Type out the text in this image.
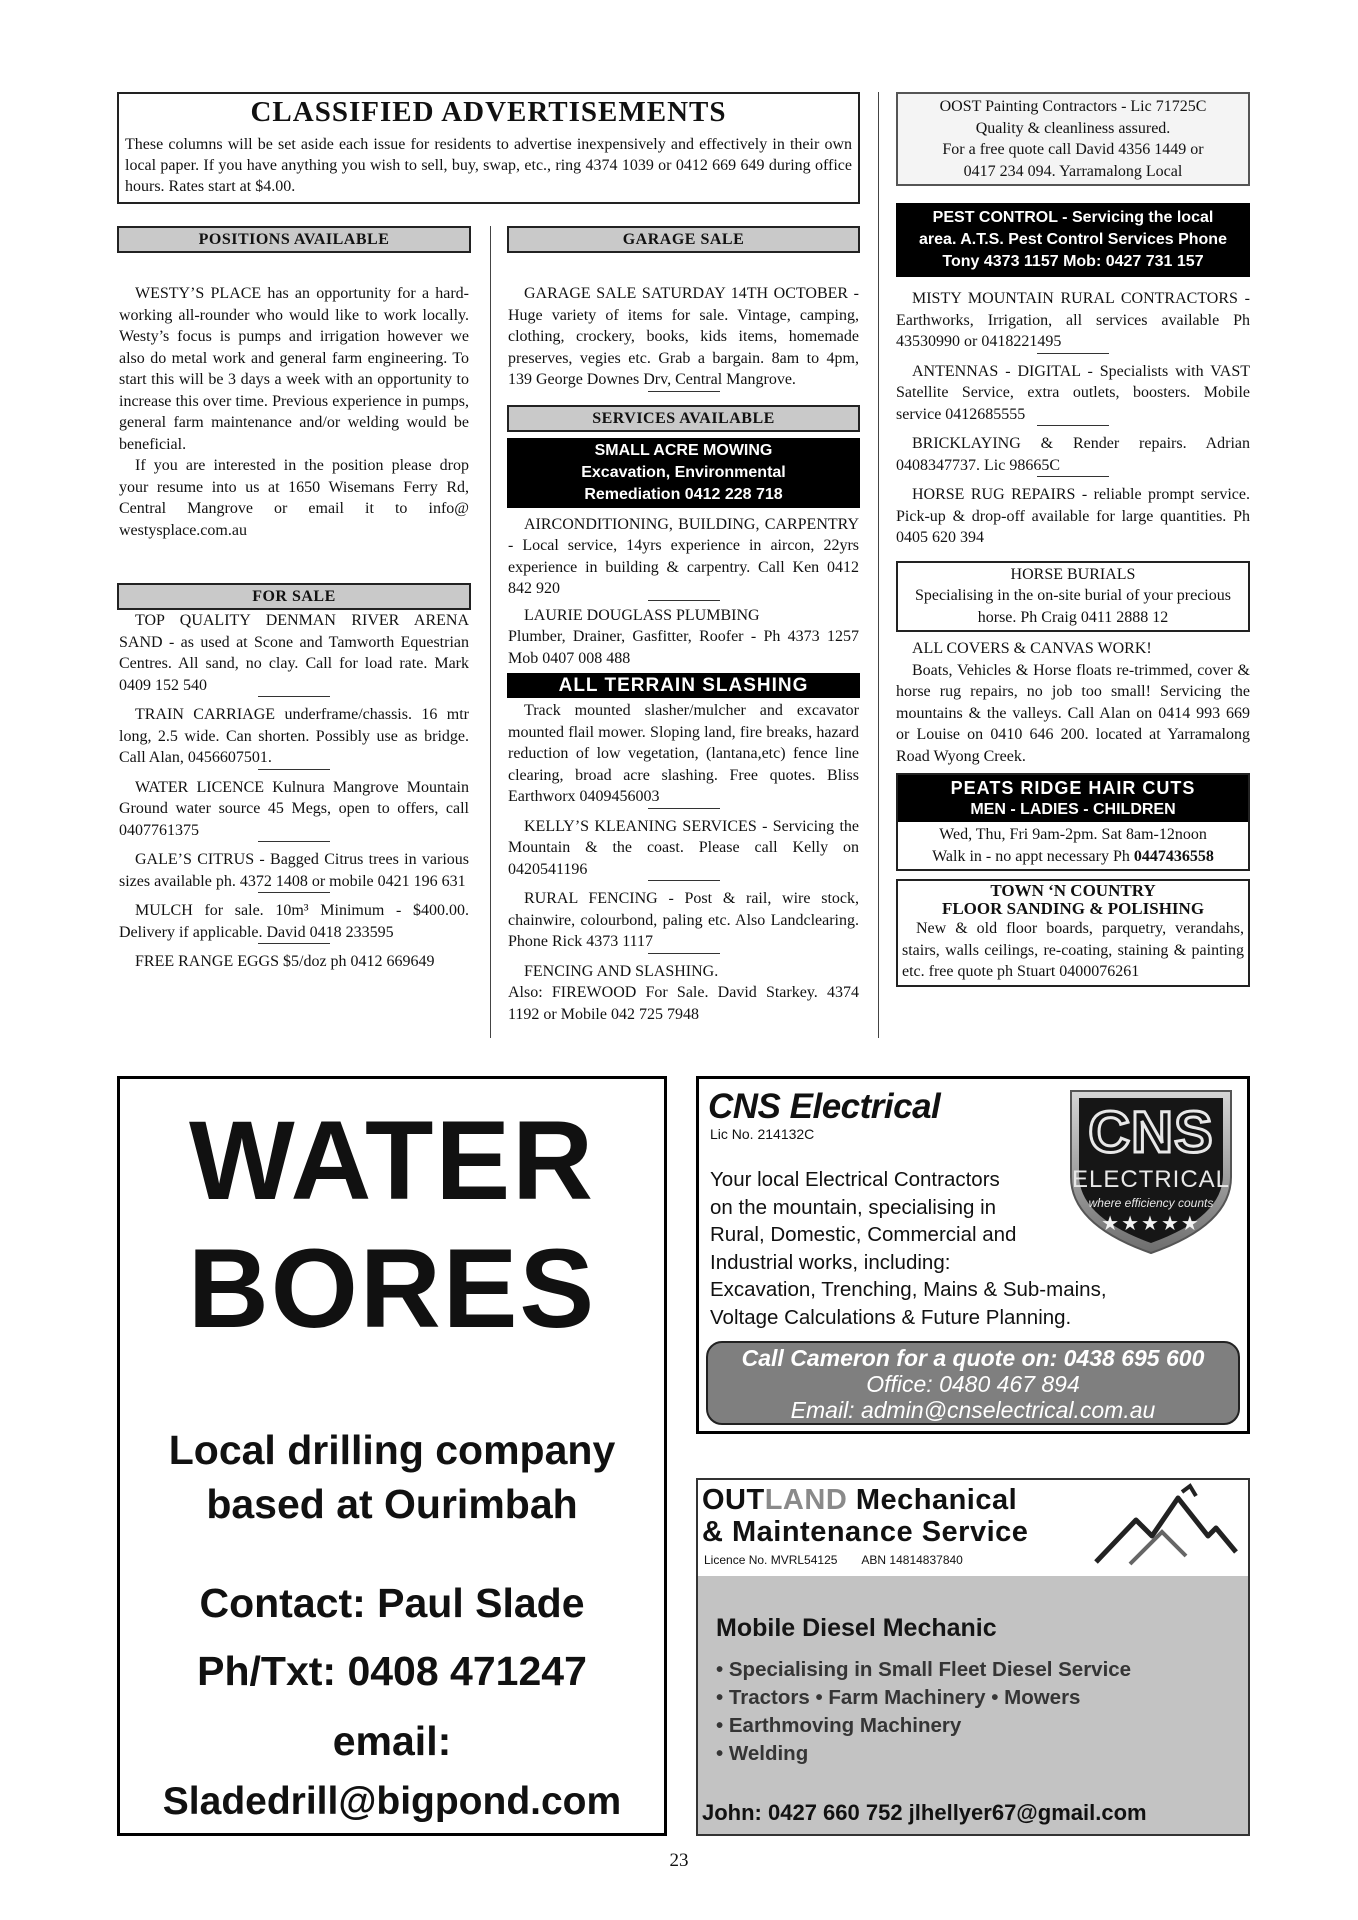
CLASSIFIED ADVERTISEMENTS

These columns will be set aside each issue for residents to advertise inexpensively and effectively in their own local paper. If you have anything you wish to sell, buy, swap, etc., ring 4374 1039 or 0412 669 649 during office hours. Rates start at $4.00.

OOST Painting Contractors - Lic 71725C
Quality & cleanliness assured.
For a free quote call David 4356 1449 or
0417 234 094. Yarramalong Local
PEST CONTROL - Servicing the local
area. A.T.S. Pest Control Services Phone
Tony 4373 1157 Mob: 0427 731 157
POSITIONS AVAILABLE

WESTY’S PLACE has an opportunity for a hard-working all-rounder who would like to work locally. Westy’s focus is pumps and irrigation however we also do metal work and general farm engineering. To start this will be 3 days a week with an opportunity to increase this over time. Previous experience in pumps, general farm maintenance and/or welding would be beneficial.

If you are interested in the position please drop your resume into us at 1650 Wisemans Ferry Rd, Central Mangrove or email it to info@ westysplace.com.au

FOR SALE

TOP QUALITY DENMAN RIVER ARENA SAND - as used at Scone and Tamworth Equestrian Centres. All sand, no clay. Call for load rate. Mark 0409 152 540

TRAIN CARRIAGE underframe/chassis. 16 mtr long, 2.5 wide. Can shorten. Possibly use as bridge. Call Alan, 0456607501.

WATER LICENCE Kulnura Mangrove Mountain Ground water source 45 Megs, open to offers, call 0407761375

GALE’S CITRUS - Bagged Citrus trees in various sizes available ph. 4372 1408 or mobile 0421 196 631

MULCH for sale. 10m³ Minimum - $400.00. Delivery if applicable. David 0418 233595

FREE RANGE EGGS $5/doz ph 0412 669649

GARAGE SALE

GARAGE SALE SATURDAY 14TH OCTOBER - Huge variety of items for sale. Vintage, camping, clothing, crockery, books, kids items, homemade preserves, vegies etc. Grab a bargain. 8am to 4pm, 139 George Downes Drv, Central Mangrove.

SERVICES AVAILABLE
SMALL ACRE MOWING
Excavation, Environmental
Remediation 0412 228 718

AIRCONDITIONING, BUILDING, CARPENTRY - Local service, 14yrs experience in aircon, 22yrs experience in building & carpentry. Call Ken 0412 842 920

LAURIE DOUGLASS PLUMBING

Plumber, Drainer, Gasfitter, Roofer - Ph 4373 1257 Mob 0407 008 488

ALL TERRAIN SLASHING

Track mounted slasher/mulcher and excavator mounted flail mower. Sloping land, fire breaks, hazard reduction of low vegetation, (lantana,etc) fence line clearing, broad acre slashing. Free quotes. Bliss Earthworx 0409456003

KELLY’S KLEANING SERVICES - Servicing the Mountain & the coast. Please call Kelly on 0420541196

RURAL FENCING - Post & rail, wire stock, chainwire, colourbond, paling etc. Also Landclearing. Phone Rick 4373 1117

FENCING AND SLASHING.

Also: FIREWOOD For Sale. David Starkey. 4374 1192 or Mobile 042 725 7948

MISTY MOUNTAIN RURAL CONTRACTORS - Earthworks, Irrigation, all services available Ph 43530990 or 0418221495

ANTENNAS - DIGITAL - Specialists with VAST Satellite Service, extra outlets, boosters. Mobile service 0412685555

BRICKLAYING & Render repairs. Adrian 0408347737. Lic 98665C

HORSE RUG REPAIRS - reliable prompt service. Pick-up & drop-off available for large quantities. Ph 0405 620 394

HORSE BURIALS

Specialising in the on-site burial of your precious horse. Ph Craig 0411 2888 12

ALL COVERS & CANVAS WORK!

Boats, Vehicles & Horse floats re-trimmed, cover & horse rug repairs, no job too small! Servicing the mountains & the valleys. Call Alan on 0414 993 669 or Louise on 0410 646 200. located at Yarramalong Road Wyong Creek.

PEATS RIDGE HAIR CUTS
MEN - LADIES - CHILDREN
Wed, Thu, Fri 9am-2pm. Sat 8am-12noon
Walk in - no appt necessary Ph 0447436558
TOWN ‘N COUNTRY
FLOOR SANDING & POLISHING

New & old floor boards, parquetry, verandahs, stairs, walls ceilings, re-coating, staining & painting etc. free quote ph Stuart 0400076261

WATER
BORES
Local drilling company
based at Ourimbah
Contact: Paul Slade
Ph/Txt: 0408 471247
email:
Sladedrill@bigpond.com
CNS Electrical
Lic No. 214132C
Your local Electrical Contractors
on the mountain, specialising in
Rural, Domestic, Commercial and
Industrial works, including:
Excavation, Trenching, Mains & Sub-mains,
Voltage Calculations & Future Planning.
CNS
ELECTRICAL
where efficiency counts
★★★★★
Call Cameron for a quote on: 0438 695 600
Office: 0480 467 894
Email: admin@cnselectrical.com.au
OUTLAND Mechanical
& Maintenance Service
Licence No. MVRL54125 ABN 14814837840
Mobile Diesel Mechanic
• Specialising in Small Fleet Diesel Service
• Tractors • Farm Machinery • Mowers
• Earthmoving Machinery
• Welding
John: 0427 660 752 jlhellyer67@gmail.com
23
